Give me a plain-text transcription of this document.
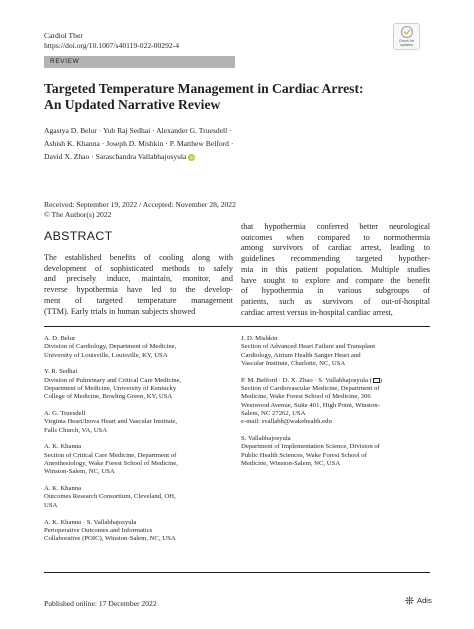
Cardiol Ther
https://doi.org/10.1007/s40119-022-00292-4	Check for
updates
REVIEW
Targeted Temperature Management in Cardiac Arrest:
An Updated Narrative Review
Agastya D. Belur · Yub Raj Sedhai · Alexander G. Truesdell ·
Ashish K. Khanna · Joseph D. Mishkin · P. Matthew Belford ·
David X. Zhao · Saraschandra Vallabhajosyula iD
Received: September 19, 2022 / Accepted: November 28, 2022
© The Author(s) 2022
ABSTRACT
The established benefits of cooling along with
development of sophisticated methods to safely
and precisely induce, maintain, monitor, and
reverse hypothermia have led to the develop-
ment of targeted temperature management
(TTM). Early trials in human subjects showed
that hypothermia conferred better neurological
outcomes when compared to normothermia
among survivors of cardiac arrest, leading to
guidelines recommending targeted hypother-
mia in this patient population. Multiple studies
have sought to explore and compare the benefit
of hypothermia in various subgroups of
patients, such as survivors of out-of-hospital
cardiac arrest versus in-hospital cardiac arrest,
A. D. Belur
Division of Cardiology, Department of Medicine,
University of Louisville, Louisville, KY, USA
Y. R. Sedhai
Division of Pulmonary and Critical Care Medicine,
Department of Medicine, University of Kentucky
College of Medicine, Bowling Green, KY, USA
A. G. Truesdell
Virginia Heart/Inova Heart and Vascular Institute,
Falls Church, VA, USA
A. K. Khanna
Section of Critical Care Medicine, Department of
Anesthesiology, Wake Forest School of Medicine,
Winston-Salem, NC, USA
A. K. Khanna
Outcomes Research Consortium, Cleveland, OH,
USA
A. K. Khanna · S. Vallabhajosyula
Perioperative Outcomes and Informatics
Collaborative (POIC), Winston-Salem, NC, USA
J. D. Mishkin
Section of Advanced Heart Failure and Transplant
Cardiology, Atrium Health Sanger Heart and
Vascular Institute, Charlotte, NC, USA
P. M. Belford · D. X. Zhao · S. Vallabhajosyula ( )
Section of Cardiovascular Medicine, Department of
Medicine, Wake Forest School of Medicine, 306
Westwood Avenue, Suite 401, High Point, Winston-
Salem, NC 27262, USA
e-mail: svallabh@wakehealth.edu
S. Vallabhajosyula
Department of Implementation Science, Division of
Public Health Sciences, Wake Forest School of
Medicine, Winston-Salem, NC, USA
Published online: 17 December 2022	Adis
